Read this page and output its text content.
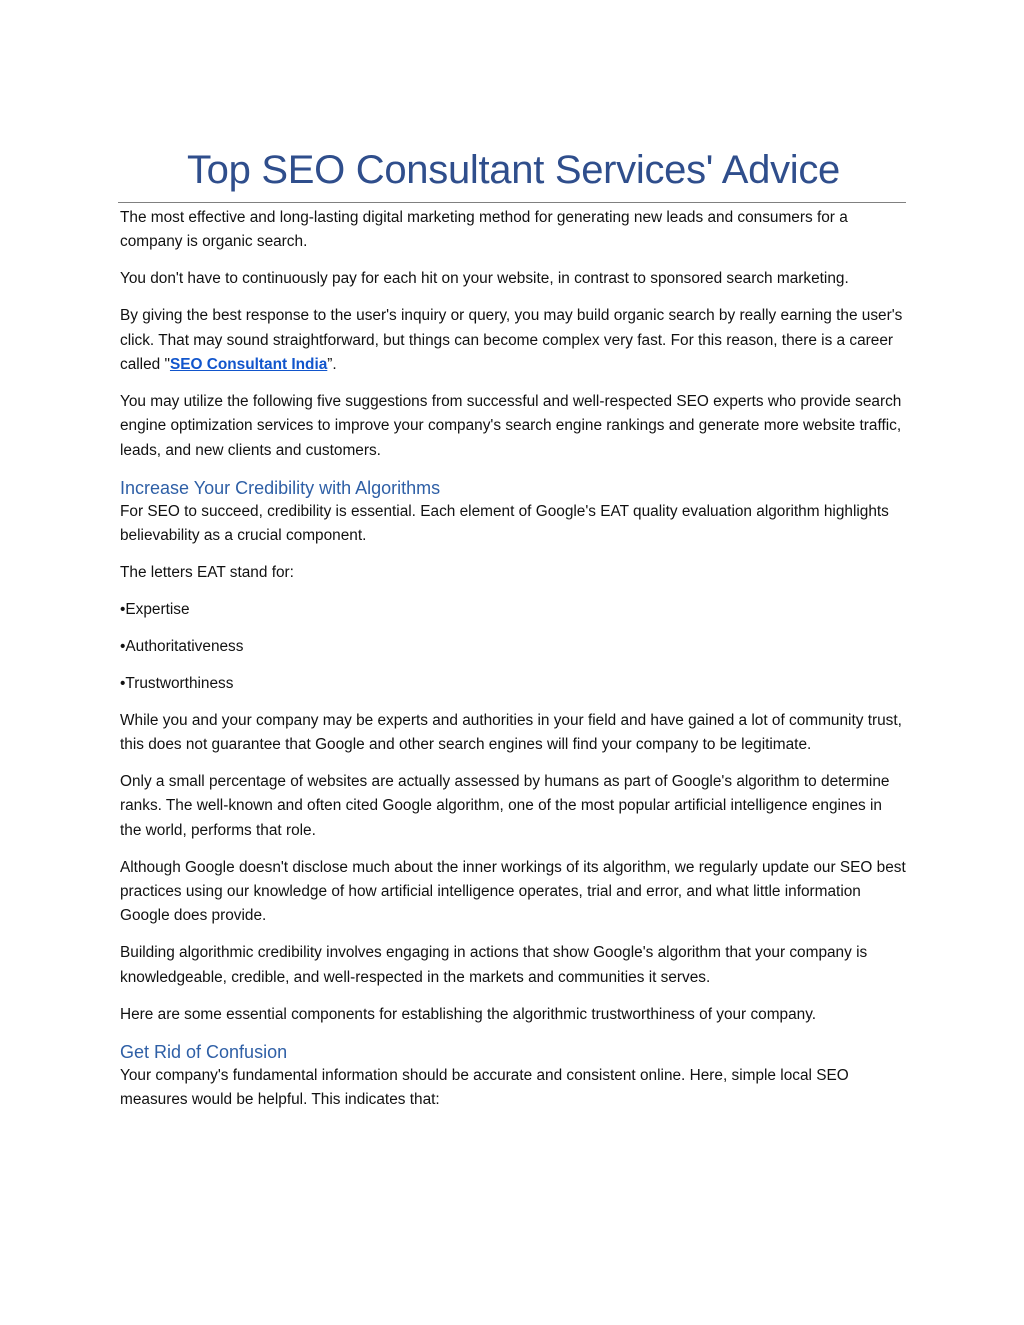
Top SEO Consultant Services' Advice

The most effective and long-lasting digital marketing method for generating new leads and consumers for a company is organic search.

You don't have to continuously pay for each hit on your website, in contrast to sponsored search marketing.

By giving the best response to the user's inquiry or query, you may build organic search by really earning the user's click. That may sound straightforward, but things can become complex very fast. For this reason, there is a career called "SEO Consultant India”.

You may utilize the following five suggestions from successful and well-respected SEO experts who provide search engine optimization services to improve your company's search engine rankings and generate more website traffic, leads, and new clients and customers.

Increase Your Credibility with Algorithms

For SEO to succeed, credibility is essential. Each element of Google's EAT quality evaluation algorithm highlights believability as a crucial component.

The letters EAT stand for:

•Expertise

•Authoritativeness

•Trustworthiness

While you and your company may be experts and authorities in your field and have gained a lot of community trust, this does not guarantee that Google and other search engines will find your company to be legitimate.

Only a small percentage of websites are actually assessed by humans as part of Google's algorithm to determine ranks. The well-known and often cited Google algorithm, one of the most popular artificial intelligence engines in the world, performs that role.

Although Google doesn't disclose much about the inner workings of its algorithm, we regularly update our SEO best practices using our knowledge of how artificial intelligence operates, trial and error, and what little information Google does provide.

Building algorithmic credibility involves engaging in actions that show Google's algorithm that your company is knowledgeable, credible, and well-respected in the markets and communities it serves.

Here are some essential components for establishing the algorithmic trustworthiness of your company.

Get Rid of Confusion

Your company's fundamental information should be accurate and consistent online. Here, simple local SEO measures would be helpful. This indicates that:
